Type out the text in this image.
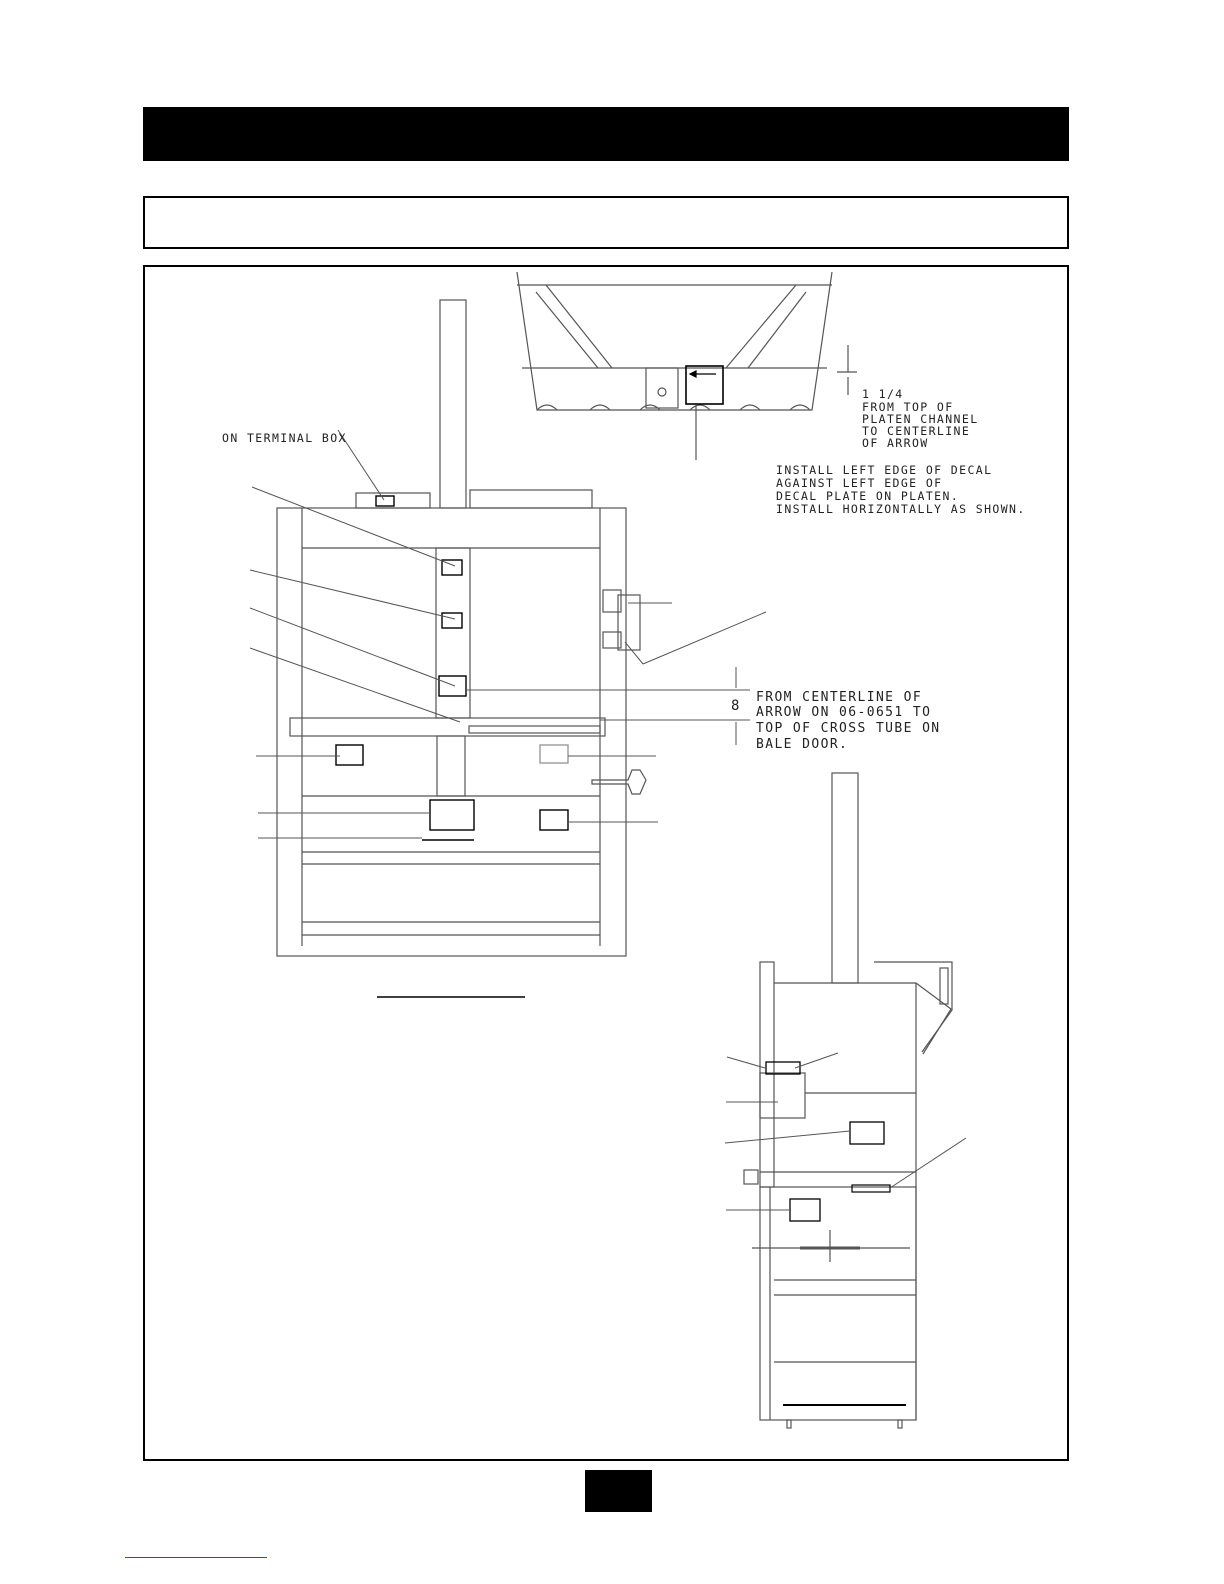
ON TERMINAL BOX
1 1/4
FROM TOP OF
PLATEN CHANNEL
TO CENTERLINE
OF ARROW
INSTALL LEFT EDGE OF DECAL
AGAINST LEFT EDGE OF
DECAL PLATE ON PLATEN.
INSTALL HORIZONTALLY AS SHOWN.
8
FROM CENTERLINE OF
ARROW ON 06-0651 TO
TOP OF CROSS TUBE ON
BALE DOOR.
